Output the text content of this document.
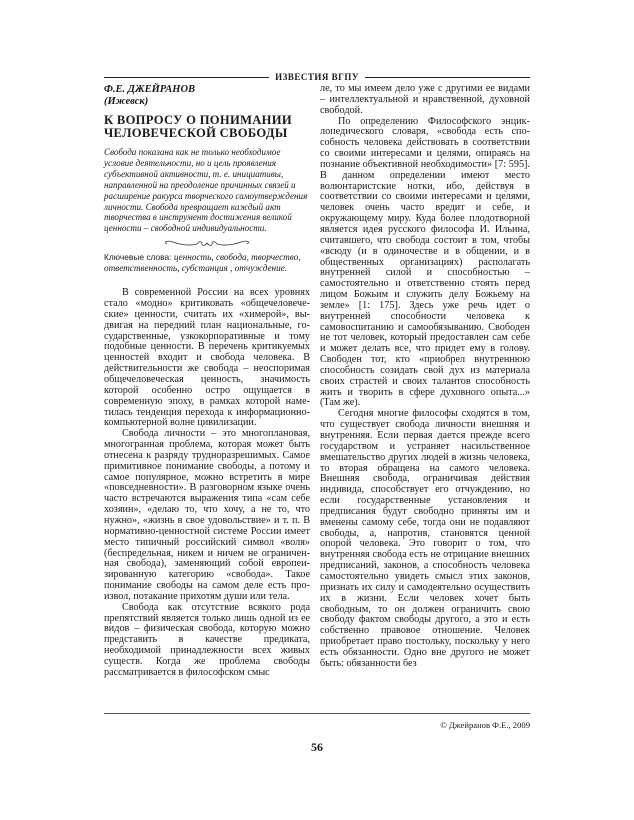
ИЗВЕСТИЯ ВГПУ

Ф.Е. ДЖЕЙРАНОВ

(Ижевск)

К ВОПРОСУ О ПОНИМАНИИ ЧЕЛОВЕЧЕСКОЙ СВОБОДЫ

Свобода показана как не только необходимое условие деятельности, но и цель проявления субъективной активности, т. е. инициативы, направленной на преодоление причинных связей и расширение ракурса творческого самоутверждения личности. Свобода превращает каждый акт творчества в инструмент достижения великой ценности – свободной индивидуальности.

Ключевые слова: ценность, свобода, творчество, ответственность, субстанция , отчуждение.

В современной России на всех уровнях стало «модно» критиковать «общечеловеческие» ценности, считать их «химерой», выдвигая на передний план национальные, государственные, узкокорпоративные и тому подобные ценности. В перечень критикуемых ценностей входит и свобода человека. В действительности же свобода – неоспоримая общечеловеческая ценность, значимость которой особенно остро ощущается в современную эпоху, в рамках которой наметилась тенденция перехода к информационно-компьютерной волне цивилизации.

Свобода личности – это многоплановая, многогранная проблема, которая может быть отнесена к разряду трудноразрешимых. Самое примитивное понимание свободы, а потому и самое популярное, можно встретить в мире «повседневности». В разговорном языке очень часто встречаются выражения типа «сам себе хозяин», «делаю то, что хочу, а не то, что нужно», «жизнь в свое удовольствие» и т. п. В нормативно-ценностной системе России имеет место типичный российский символ «воля» (беспредельная, никем и ничем не ограниченная свобода), заменяющий собой европеизированную категорию «свобода». Такое понимание свободы на самом деле есть произвол, потакание прихотям души или тела.

Свобода как отсутствие всякого рода препятствий является только лишь одной из ее видов – физическая свобода, которую можно представить в качестве предиката, необходимой принадлежности всех живых существ. Когда же проблема свободы рассматривается в философском смыс

ле, то мы имеем дело уже с другими ее видами – интеллектуальной и нравственной, духовной свободой.

По определению Философского энциклопедического словаря, «свобода есть способность человека действовать в соответствии со своими интересами и целями, опираясь на познание объективной необходимости» [7: 595]. В данном определении имеют место волюнтаристские нотки, ибо, действуя в соответствии со своими интересами и целями, человек очень часто вредит и себе, и окружающему миру. Куда более плодотворной является идея русского философа И. Ильина, считавшего, что свобода состоит в том, чтобы «всюду (и в одиночестве и в общении, и в общественных организациях) располагать внутренней силой и способностью – самостоятельно и ответственно стоять перед лицом Божьим и служить делу Божьему на земле» [1: 175]. Здесь уже речь идет о внутренней способности человека к самовоспитанию и самообязыванию. Свободен не тот человек, который предоставлен сам себе и может делать все, что придет ему в голову. Свободен тот, кто «приобрел внутреннюю способность созидать свой дух из материала своих страстей и своих талантов способность жить и творить в сфере духовного опыта...» (Там же).

Сегодня многие философы сходятся в том, что существует свобода личности внешняя и внутренняя. Если первая дается прежде всего государством и устраняет насильственное вмешательство других людей в жизнь человека, то вторая обращена на самого человека. Внешняя свобода, ограничивая действия индивида, способствует его отчуждению, но если государственные установления и предписания будут свободно приняты им и вменены самому себе, тогда они не подавляют свободы, а, напротив, становятся ценной опорой человека. Это говорит о том, что внутренняя свобода есть не отрицание внешних предписаний, законов, а способность человека самостоятельно увидеть смысл этих законов, признать их силу и самодеятельно осуществить их в жизни. Если человек хочет быть свободным, то он должен ограничить свою свободу фактом свободы другого, а это и есть собственно правовое отношение. Человек приобретает право постольку, поскольку у него есть обязанности. Одно вне другого не может быть: обязанности без

© Джейранов Ф.Е., 2009
56
